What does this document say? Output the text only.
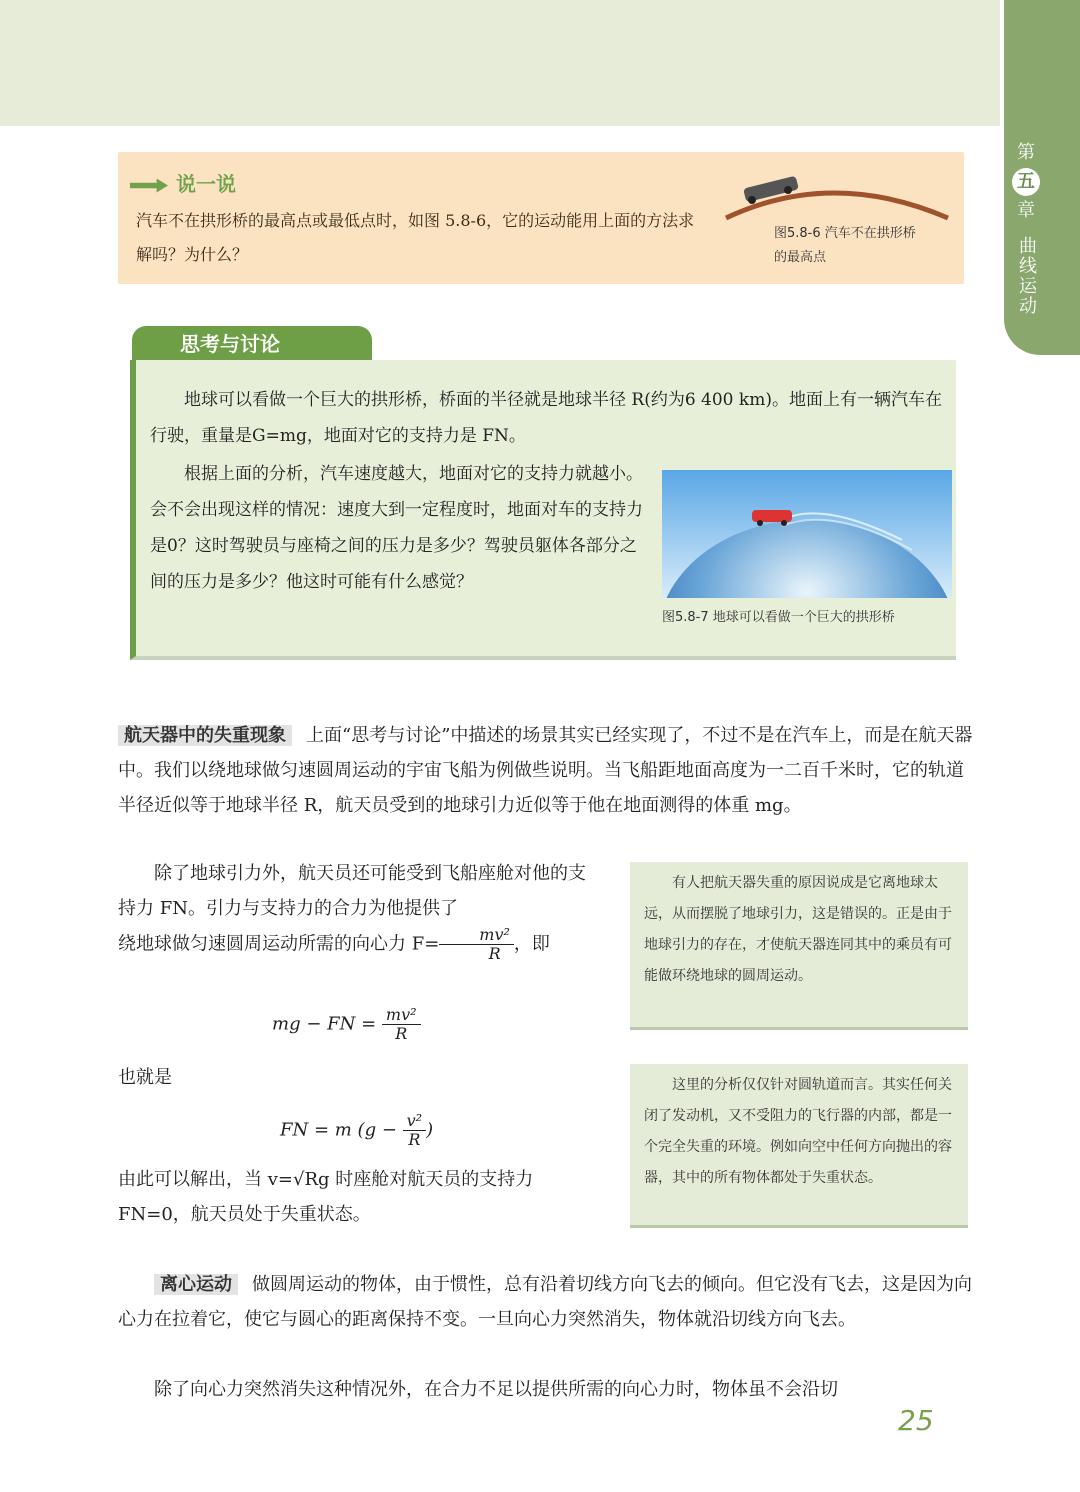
第
五
章
曲线运动
说一说
汽车不在拱形桥的最高点或最低点时，如图 5.8-6，它的运动能用上面的方法求解吗？为什么？
图5.8-6 汽车不在拱形桥的最高点
思考与讨论
地球可以看做一个巨大的拱形桥，桥面的半径就是地球半径 R(约为6 400 km)。地面上有一辆汽车在行驶，重量是G=mg，地面对它的支持力是 FN。
根据上面的分析，汽车速度越大，地面对它的支持力就越小。会不会出现这样的情况：速度大到一定程度时，地面对车的支持力是0？这时驾驶员与座椅之间的压力是多少？驾驶员躯体各部分之间的压力是多少？他这时可能有什么感觉？
图5.8-7 地球可以看做一个巨大的拱形桥
航天器中的失重现象 上面“思考与讨论”中描述的场景其实已经实现了，不过不是在汽车上，而是在航天器中。我们以绕地球做匀速圆周运动的宇宙飞船为例做些说明。当飞船距地面高度为一二百千米时，它的轨道半径近似等于地球半径 R，航天员受到的地球引力近似等于他在地面测得的体重 mg。
除了地球引力外，航天员还可能受到飞船座舱对他的支持力 FN。引力与支持力的合力为他提供了
绕地球做匀速圆周运动所需的向心力 $F= \frac{\text{mv²}}{R}$ ，即
mg − FN = $\frac{\text{mv²}}{R}$
也就是
FN = m ($g - \frac{\text{v²}}{R}$ )
由此可以解出，当 v=√Rg 时座舱对航天员的支持力FN=0，航天员处于失重状态。
有人把航天器失重的原因说成是它离地球太远，从而摆脱了地球引力，这是错误的。正是由于地球引力的存在，才使航天器连同其中的乘员有可能做环绕地球的圆周运动。
这里的分析仅仅针对圆轨道而言。其实任何关闭了发动机，又不受阻力的飞行器的内部，都是一个完全失重的环境。例如向空中任何方向抛出的容器，其中的所有物体都处于失重状态。
离心运动 做圆周运动的物体，由于惯性，总有沿着切线方向飞去的倾向。但它没有飞去，这是因为向心力在拉着它，使它与圆心的距离保持不变。一旦向心力突然消失，物体就沿切线方向飞去。
除了向心力突然消失这种情况外，在合力不足以提供所需的向心力时，物体虽不会沿切
25
